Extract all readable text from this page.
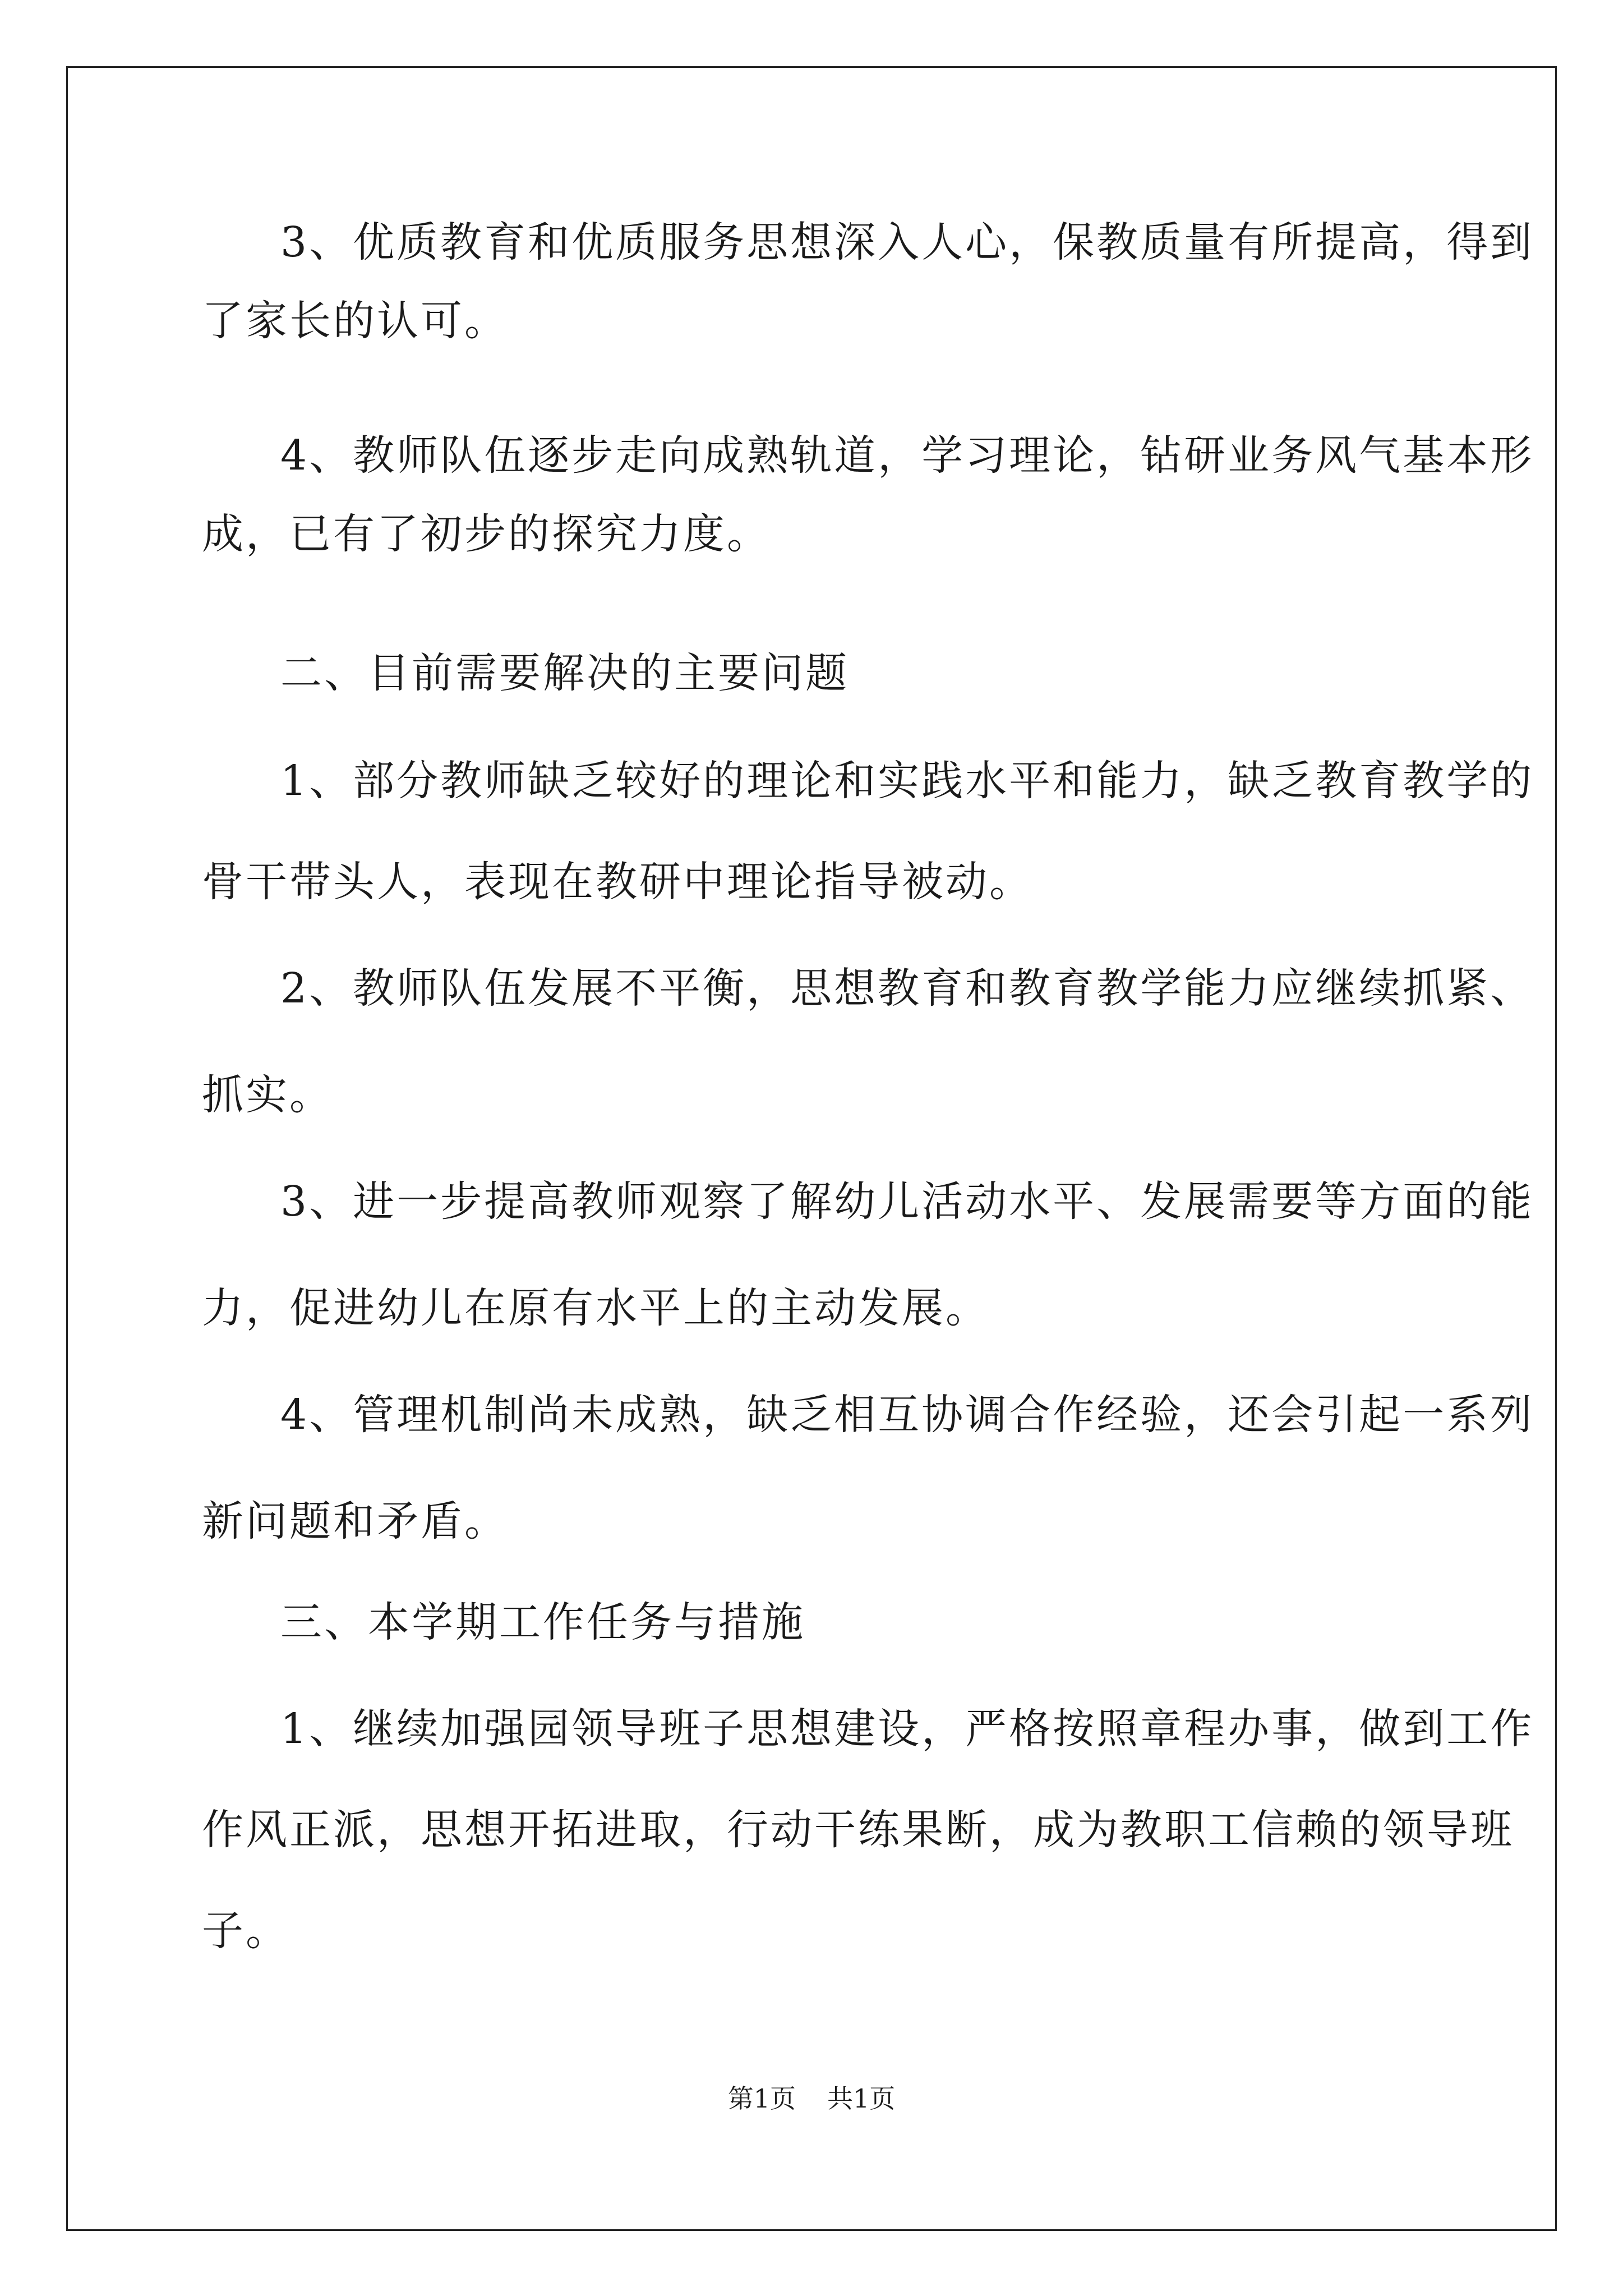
3、优质教育和优质服务思想深入人心，保教质量有所提高，得到
了家长的认可。
4、教师队伍逐步走向成熟轨道，学习理论，钻研业务风气基本形
成，已有了初步的探究力度。
二、目前需要解决的主要问题
1、部分教师缺乏较好的理论和实践水平和能力，缺乏教育教学的
骨干带头人，表现在教研中理论指导被动。
2、教师队伍发展不平衡，思想教育和教育教学能力应继续抓紧、
抓实。
3、进一步提高教师观察了解幼儿活动水平、发展需要等方面的能
力，促进幼儿在原有水平上的主动发展。
4、管理机制尚未成熟，缺乏相互协调合作经验，还会引起一系列
新问题和矛盾。
三、本学期工作任务与措施
1、继续加强园领导班子思想建设，严格按照章程办事，做到工作
作风正派，思想开拓进取，行动干练果断，成为教职工信赖的领导班
子。
第1页 共1页
